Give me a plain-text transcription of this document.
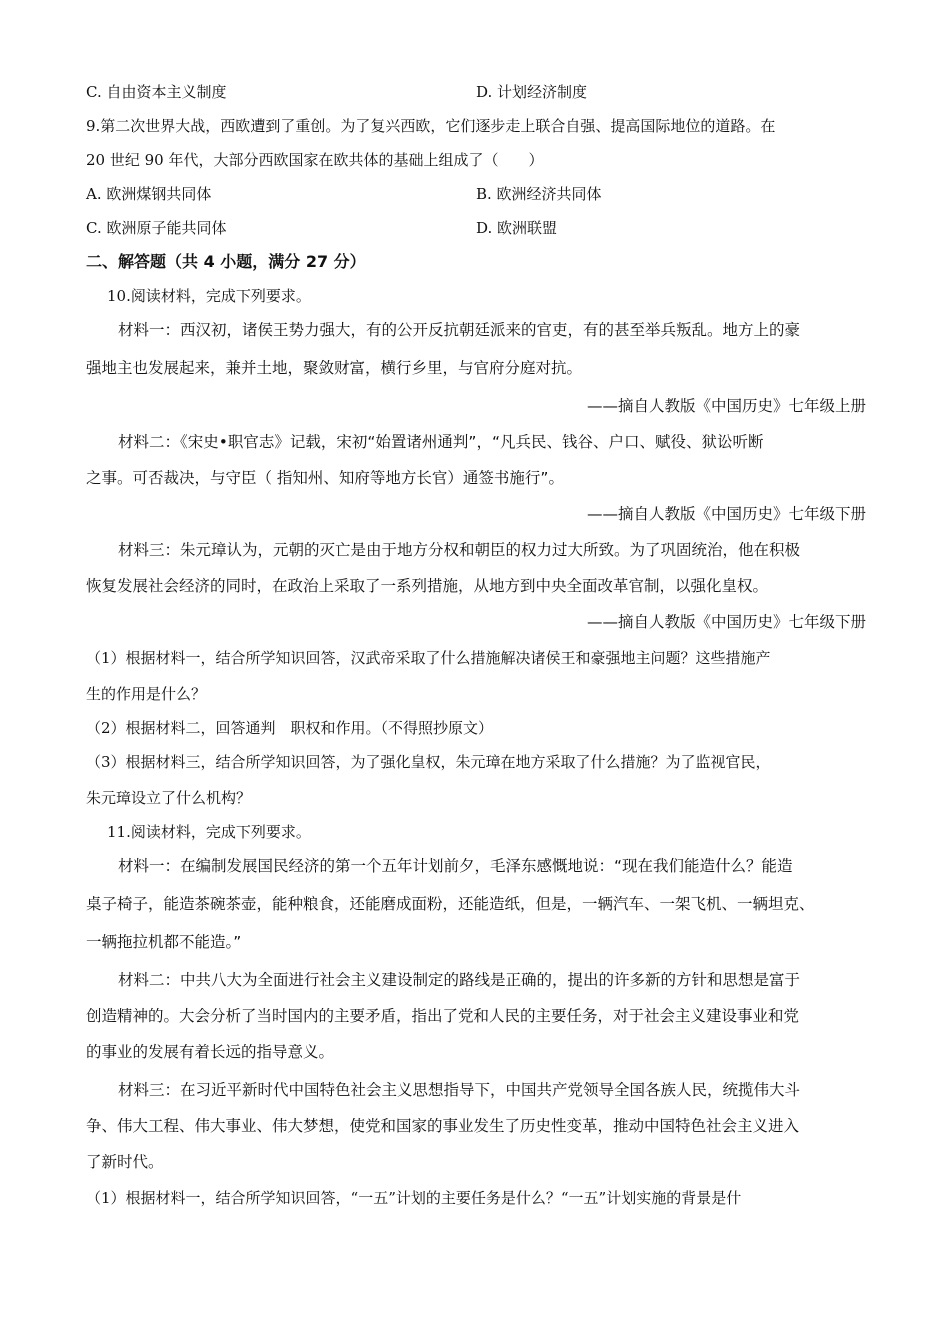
C. 自由资本主义制度	D. 计划经济制度
9.第二次世界大战，西欧遭到了重创。为了复兴西欧，它们逐步走上联合自强、提高国际地位的道路。在
20 世纪 90 年代，大部分西欧国家在欧共体的基础上组成了（　　）
A. 欧洲煤钢共同体	B. 欧洲经济共同体
C. 欧洲原子能共同体	D. 欧洲联盟
二、解答题（共 4 小题，满分 27 分）
10.阅读材料，完成下列要求。
材料一：西汉初，诸侯王势力强大，有的公开反抗朝廷派来的官吏，有的甚至举兵叛乱。地方上的豪
强地主也发展起来，兼并土地，聚敛财富，横行乡里，与官府分庭对抗。
——摘自人教版《中国历史》七年级上册
材料二：《宋史•职官志》记载，宋初“始置诸州通判”，“凡兵民、钱谷、户口、赋役、狱讼听断
之事。可否裁决，与守臣（ 指知州、知府等地方长官）通签书施行”。
——摘自人教版《中国历史》七年级下册
材料三：朱元璋认为，元朝的灭亡是由于地方分权和朝臣的权力过大所致。为了巩固统治，他在积极
恢复发展社会经济的同时，在政治上采取了一系列措施，从地方到中央全面改革官制，以强化皇权。
——摘自人教版《中国历史》七年级下册
（1）根据材料一，结合所学知识回答，汉武帝采取了什么措施解决诸侯王和豪强地主问题？这些措施产
生的作用是什么？
（2）根据材料二，回答通判　职权和作用。（不得照抄原文）
（3）根据材料三，结合所学知识回答，为了强化皇权，朱元璋在地方采取了什么措施？为了监视官民，
朱元璋设立了什么机构？
11.阅读材料，完成下列要求。
材料一：在编制发展国民经济的第一个五年计划前夕，毛泽东感慨地说：“现在我们能造什么？能造
桌子椅子，能造茶碗茶壶，能种粮食，还能磨成面粉，还能造纸，但是，一辆汽车、一架飞机、一辆坦克、
一辆拖拉机都不能造。”
材料二：中共八大为全面进行社会主义建设制定的路线是正确的，提出的许多新的方针和思想是富于
创造精神的。大会分析了当时国内的主要矛盾，指出了党和人民的主要任务，对于社会主义建设事业和党
的事业的发展有着长远的指导意义。
材料三：在习近平新时代中国特色社会主义思想指导下，中国共产党领导全国各族人民，统揽伟大斗
争、伟大工程、伟大事业、伟大梦想，使党和国家的事业发生了历史性变革，推动中国特色社会主义进入
了新时代。
（1）根据材料一，结合所学知识回答，“一五”计划的主要任务是什么？“一五”计划实施的背景是什
